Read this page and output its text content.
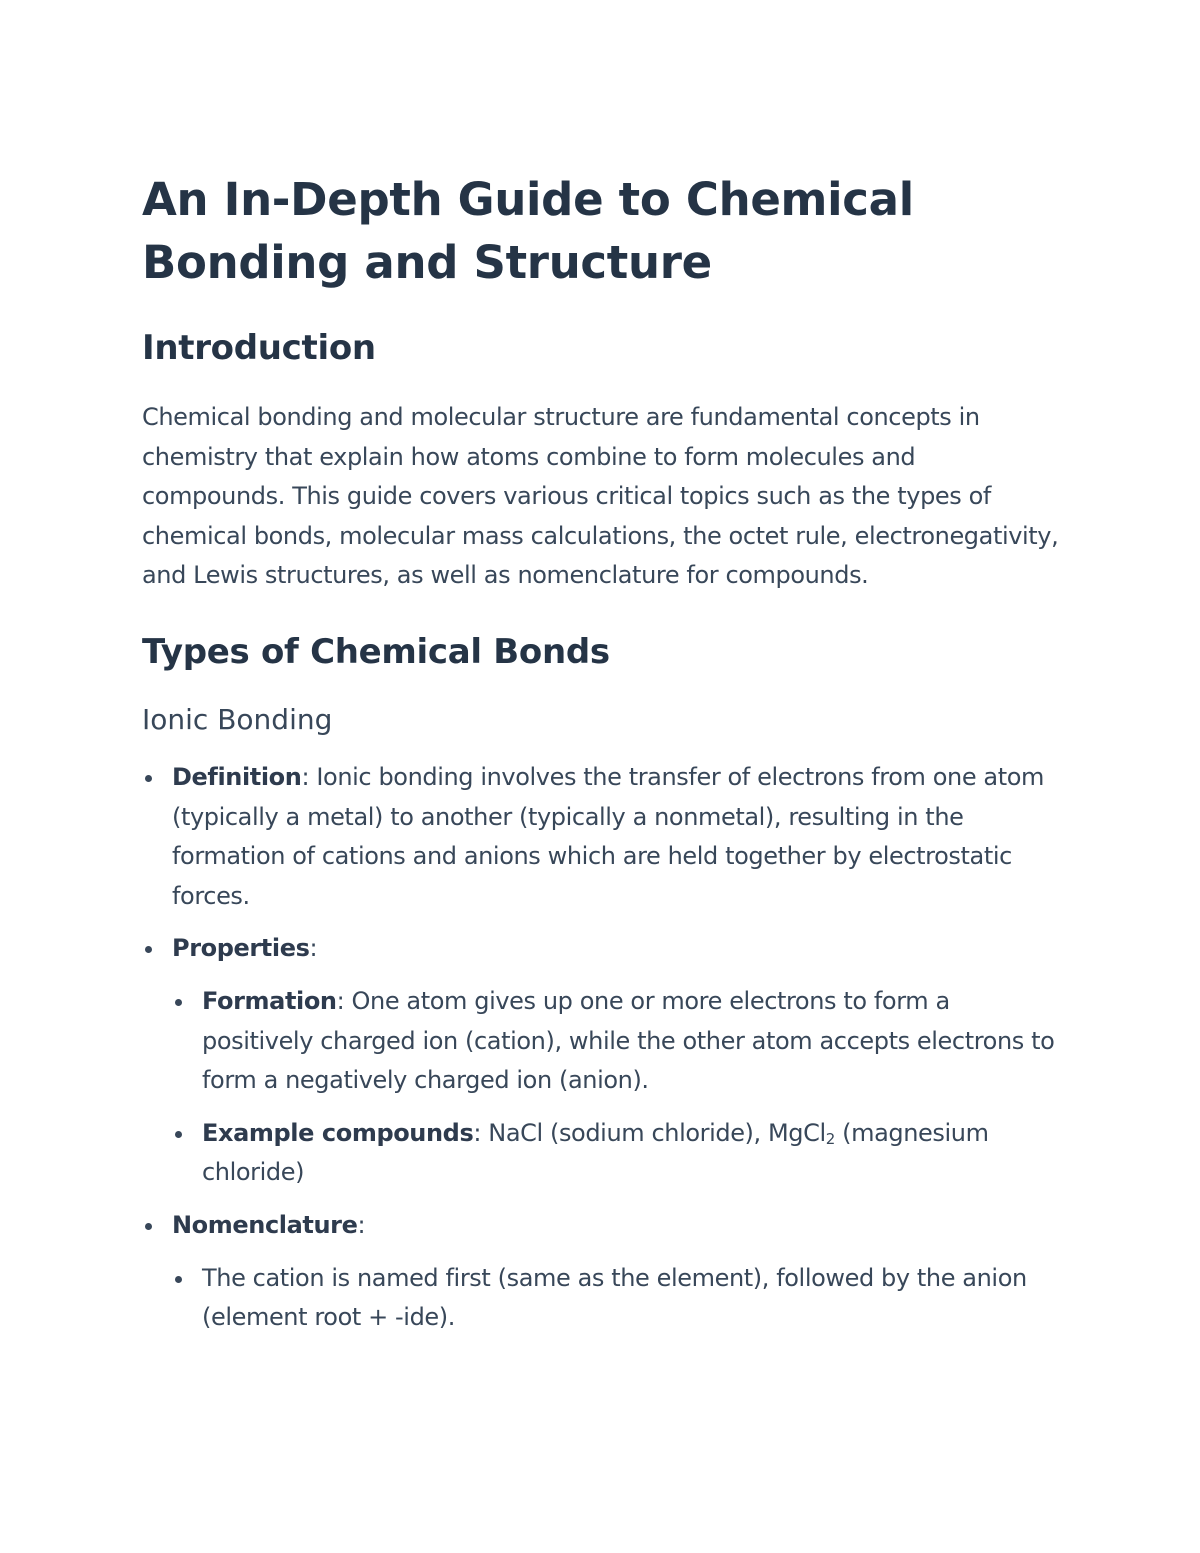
An In-Depth Guide to Chemical Bonding and Structure
Introduction

Chemical bonding and molecular structure are fundamental concepts in chemistry that explain how atoms combine to form molecules and compounds. This guide covers various critical topics such as the types of chemical bonds, molecular mass calculations, the octet rule, electronegativity, and Lewis structures, as well as nomenclature for compounds.

Types of Chemical Bonds
Ionic Bonding
Definition: Ionic bonding involves the transfer of electrons from one atom (typically a metal) to another (typically a nonmetal), resulting in the formation of cations and anions which are held together by electrostatic forces.
Properties:
Formation: One atom gives up one or more electrons to form a positively charged ion (cation), while the other atom accepts electrons to form a negatively charged ion (anion).
Example compounds: NaCl (sodium chloride), MgCl$_2$ (magnesium chloride)
Nomenclature:
The cation is named first (same as the element), followed by the anion (element root + -ide).
